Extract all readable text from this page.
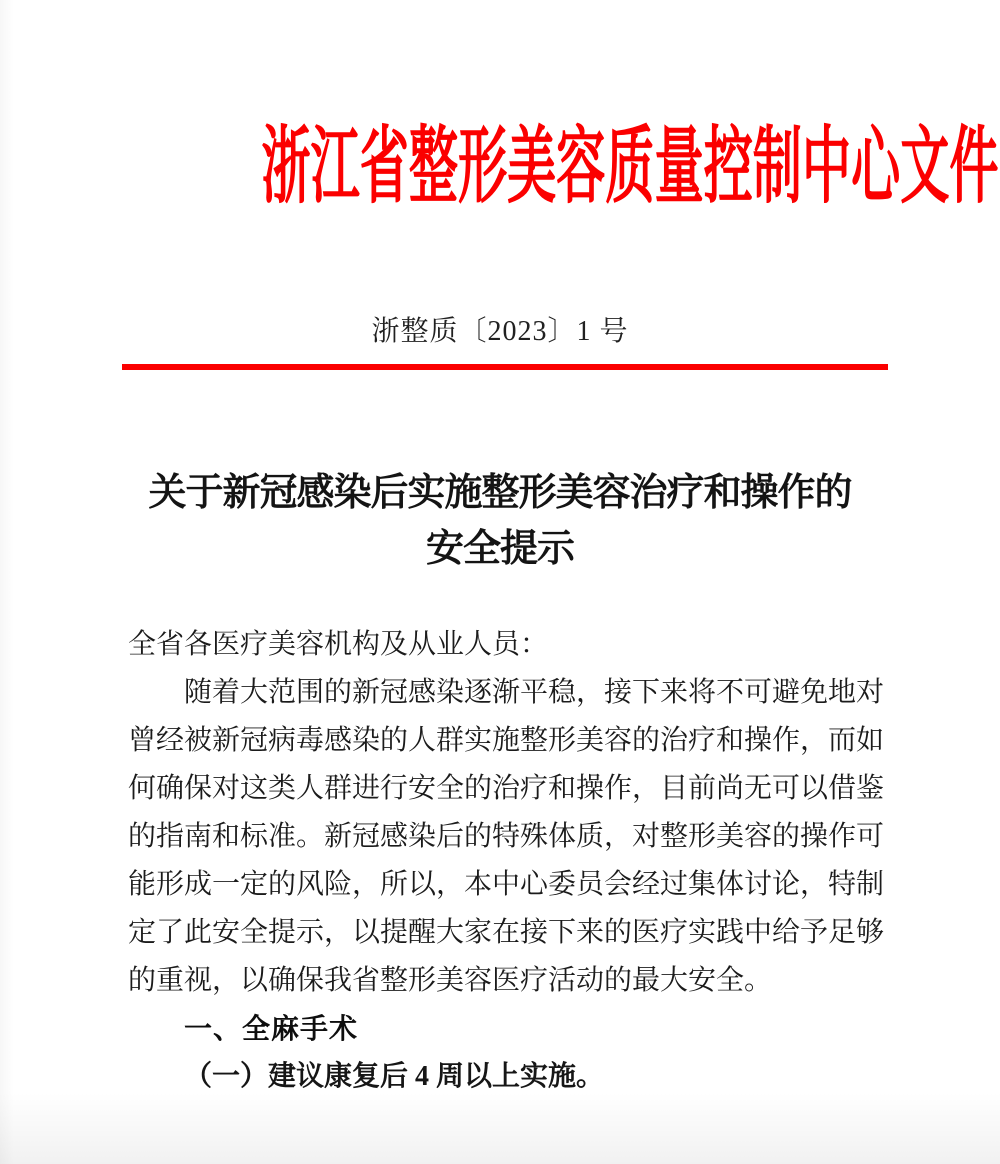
浙江省整形美容质量控制中心文件
浙整质〔2023〕1 号
关于新冠感染后实施整形美容治疗和操作的
安全提示

全省各医疗美容机构及从业人员：

随着大范围的新冠感染逐渐平稳，接下来将不可避免地对曾经被新冠病毒感染的人群实施整形美容的治疗和操作，而如何确保对这类人群进行安全的治疗和操作，目前尚无可以借鉴的指南和标准。新冠感染后的特殊体质，对整形美容的操作可能形成一定的风险，所以，本中心委员会经过集体讨论，特制定了此安全提示，以提醒大家在接下来的医疗实践中给予足够的重视，以确保我省整形美容医疗活动的最大安全。

一、全麻手术

（一）建议康复后 4 周以上实施。
